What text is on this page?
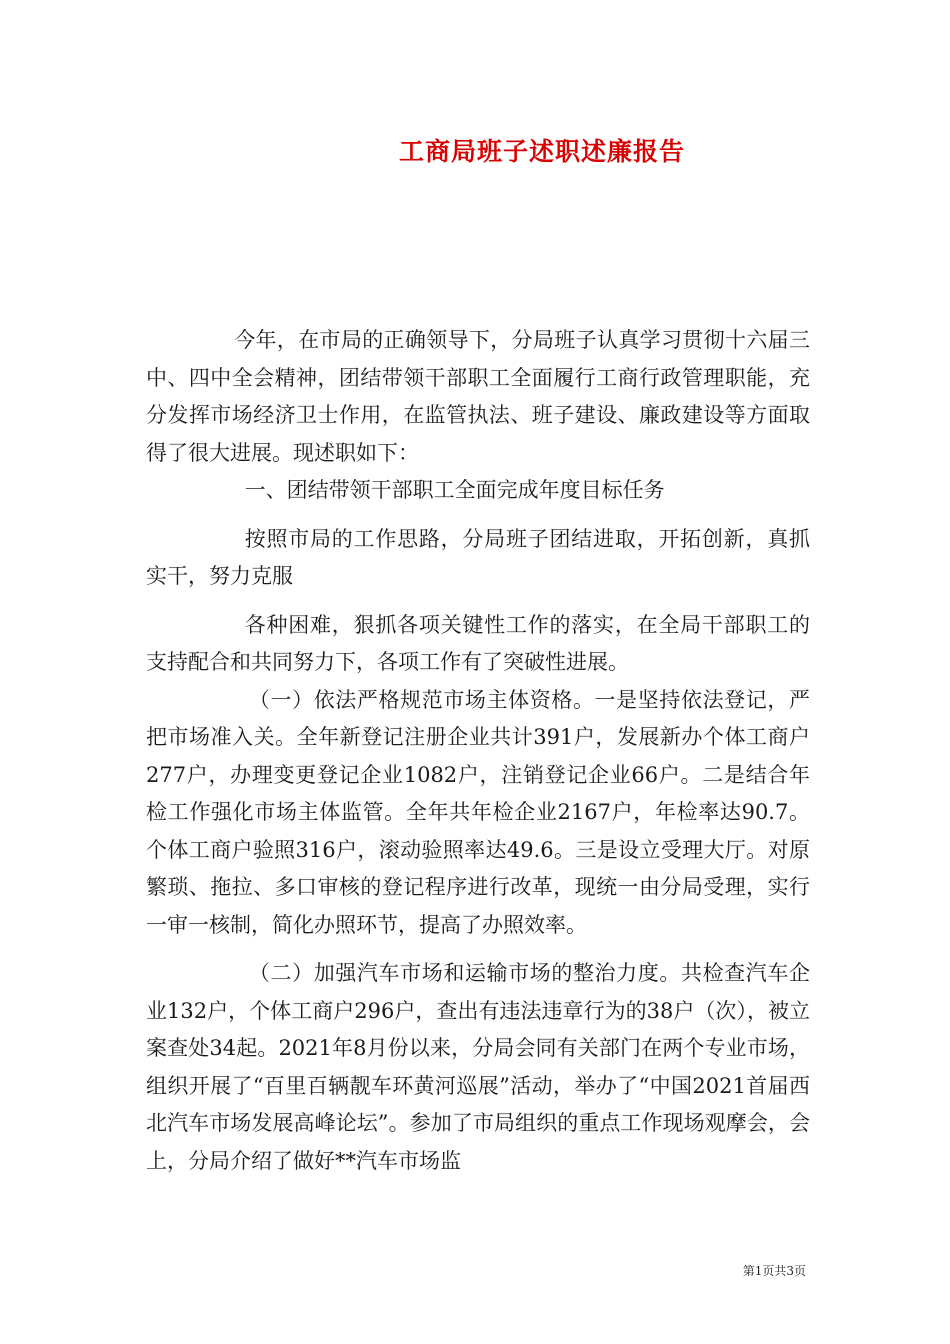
工商局班子述职述廉报告

今年，在市局的正确领导下，分局班子认真学习贯彻十六届三中、四中全会精神，团结带领干部职工全面履行工商行政管理职能，充分发挥市场经济卫士作用，在监管执法、班子建设、廉政建设等方面取得了很大进展。现述职如下：

一、团结带领干部职工全面完成年度目标任务

按照市局的工作思路，分局班子团结进取，开拓创新，真抓实干，努力克服

各种困难，狠抓各项关键性工作的落实，在全局干部职工的支持配合和共同努力下，各项工作有了突破性进展。

（一）依法严格规范市场主体资格。一是坚持依法登记，严把市场准入关。全年新登记注册企业共计391户，发展新办个体工商户277户，办理变更登记企业1082户，注销登记企业66户。二是结合年检工作强化市场主体监管。全年共年检企业2167户，年检率达90.7。个体工商户验照316户，滚动验照率达49.6。三是设立受理大厅。对原繁琐、拖拉、多口审核的登记程序进行改革，现统一由分局受理，实行一审一核制，简化办照环节，提高了办照效率。

（二）加强汽车市场和运输市场的整治力度。共检查汽车企业132户，个体工商户296户，查出有违法违章行为的38户（次），被立案查处34起。2021年8月份以来，分局会同有关部门在两个专业市场，组织开展了“百里百辆靓车环黄河巡展”活动，举办了“中国2021首届西北汽车市场发展高峰论坛”。参加了市局组织的重点工作现场观摩会，会上，分局介绍了做好**汽车市场监

第1页共3页
